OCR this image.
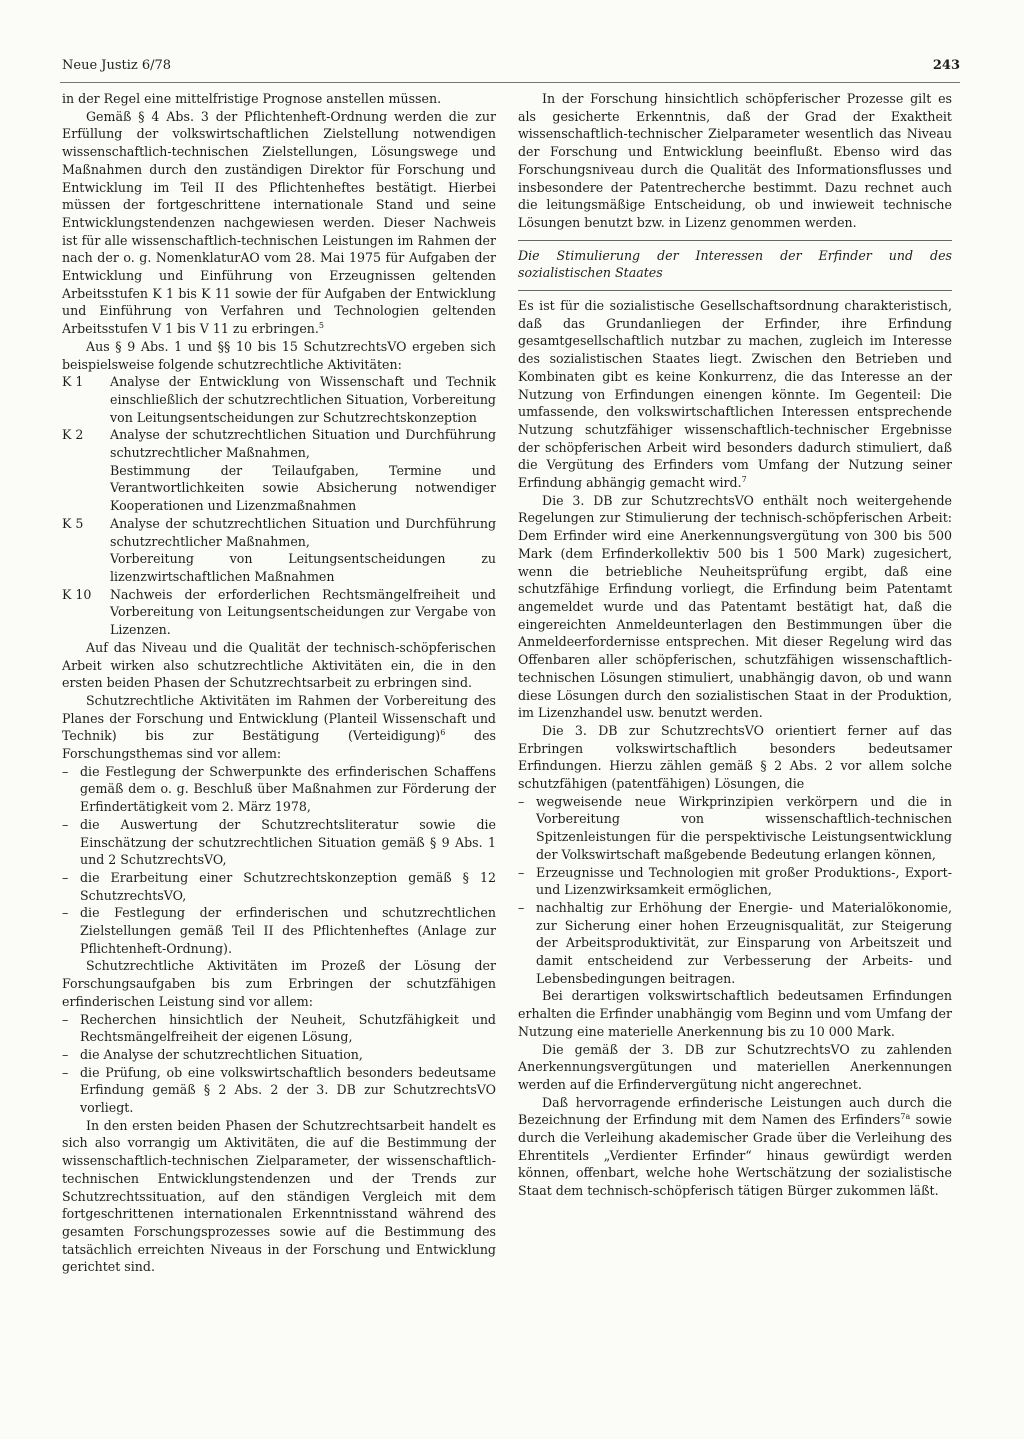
Neue Justiz 6/78	243

in der Regel eine mittelfristige Prognose anstellen müssen.

Gemäß § 4 Abs. 3 der Pflichtenheft-Ordnung werden die zur Erfüllung der volkswirtschaftlichen Zielstellung notwendigen wissenschaftlich-technischen Zielstellungen, Lösungswege und Maßnahmen durch den zuständigen Direktor für Forschung und Entwicklung im Teil II des Pflichtenheftes bestätigt. Hierbei müssen der fortgeschrittene internationale Stand und seine Entwicklungstendenzen nachgewiesen werden. Dieser Nachweis ist für alle wissenschaftlich-technischen Leistungen im Rahmen der nach der o. g. NomenklaturAO vom 28. Mai 1975 für Aufgaben der Entwicklung und Einführung von Erzeugnissen geltenden Arbeitsstufen K 1 bis K 11 sowie der für Aufgaben der Entwicklung und Einführung von Verfahren und Technologien geltenden Arbeitsstufen V 1 bis V 11 zu erbringen.$^5$

Aus § 9 Abs. 1 und §§ 10 bis 15 SchutzrechtsVO ergeben sich beispielsweise folgende schutzrechtliche Aktivitäten:

K 1	Analyse der Entwicklung von Wissenschaft und Technik einschließlich der schutzrechtlichen Situation, Vorbereitung von Leitungsentscheidungen zur Schutzrechtskonzeption
K 2	Analyse der schutzrechtlichen Situation und Durchführung schutzrechtlicher Maßnahmen,

Bestimmung der Teilaufgaben, Termine und Verantwortlichkeiten sowie Absicherung notwendiger Kooperationen und Lizenzmaßnahmen

K 5	Analyse der schutzrechtlichen Situation und Durchführung schutzrechtlicher Maßnahmen,

Vorbereitung von Leitungsentscheidungen zu lizenzwirtschaftlichen Maßnahmen

K 10	Nachweis der erforderlichen Rechtsmängelfreiheit und Vorbereitung von Leitungsentscheidungen zur Vergabe von Lizenzen.

Auf das Niveau und die Qualität der technisch-schöpferischen Arbeit wirken also schutzrechtliche Aktivitäten ein, die in den ersten beiden Phasen der Schutzrechtsarbeit zu erbringen sind.

Schutzrechtliche Aktivitäten im Rahmen der Vorbereitung des Planes der Forschung und Entwicklung (Planteil Wissenschaft und Technik) bis zur Bestätigung (Verteidigung)$^6$ des Forschungsthemas sind vor allem:

– die Festlegung der Schwerpunkte des erfinderischen Schaffens gemäß dem o. g. Beschluß über Maßnahmen zur Förderung der Erfindertätigkeit vom 2. März 1978,
– die Auswertung der Schutzrechtsliteratur sowie die Einschätzung der schutzrechtlichen Situation gemäß § 9 Abs. 1 und 2 SchutzrechtsVO,
– die Erarbeitung einer Schutzrechtskonzeption gemäß § 12 SchutzrechtsVO,
– die Festlegung der erfinderischen und schutzrechtlichen Zielstellungen gemäß Teil II des Pflichtenheftes (Anlage zur Pflichtenheft-Ordnung).

Schutzrechtliche Aktivitäten im Prozeß der Lösung der Forschungsaufgaben bis zum Erbringen der schutzfähigen erfinderischen Leistung sind vor allem:

– Recherchen hinsichtlich der Neuheit, Schutzfähigkeit und Rechtsmängelfreiheit der eigenen Lösung,
– die Analyse der schutzrechtlichen Situation,
– die Prüfung, ob eine volkswirtschaftlich besonders bedeutsame Erfindung gemäß § 2 Abs. 2 der 3. DB zur SchutzrechtsVO vorliegt.

In den ersten beiden Phasen der Schutzrechtsarbeit handelt es sich also vorrangig um Aktivitäten, die auf die Bestimmung der wissenschaftlich-technischen Zielparameter, der wissenschaftlich-technischen Entwicklungstendenzen und der Trends zur Schutzrechtssituation, auf den ständigen Vergleich mit dem fortgeschrittenen internationalen Erkenntnisstand während des gesamten Forschungsprozesses sowie auf die Bestimmung des tatsächlich erreichten Niveaus in der Forschung und Entwicklung gerichtet sind.

In der Forschung hinsichtlich schöpferischer Prozesse gilt es als gesicherte Erkenntnis, daß der Grad der Exaktheit wissenschaftlich-technischer Zielparameter wesentlich das Niveau der Forschung und Entwicklung beeinflußt. Ebenso wird das Forschungsniveau durch die Qualität des Informationsflusses und insbesondere der Patentrecherche bestimmt. Dazu rechnet auch die leitungsmäßige Entscheidung, ob und inwieweit technische Lösungen benutzt bzw. in Lizenz genommen werden.

Die Stimulierung der Interessen der Erfinder und des sozialistischen Staates

Es ist für die sozialistische Gesellschaftsordnung charakteristisch, daß das Grundanliegen der Erfinder, ihre Erfindung gesamtgesellschaftlich nutzbar zu machen, zugleich im Interesse des sozialistischen Staates liegt. Zwischen den Betrieben und Kombinaten gibt es keine Konkurrenz, die das Interesse an der Nutzung von Erfindungen einengen könnte. Im Gegenteil: Die umfassende, den volkswirtschaftlichen Interessen entsprechende Nutzung schutzfähiger wissenschaftlich-technischer Ergebnisse der schöpferischen Arbeit wird besonders dadurch stimuliert, daß die Vergütung des Erfinders vom Umfang der Nutzung seiner Erfindung abhängig gemacht wird.$^7$

Die 3. DB zur SchutzrechtsVO enthält noch weitergehende Regelungen zur Stimulierung der technisch-schöpferischen Arbeit: Dem Erfinder wird eine Anerkennungsvergütung von 300 bis 500 Mark (dem Erfinderkollektiv 500 bis 1 500 Mark) zugesichert, wenn die betriebliche Neuheitsprüfung ergibt, daß eine schutzfähige Erfindung vorliegt, die Erfindung beim Patentamt angemeldet wurde und das Patentamt bestätigt hat, daß die eingereichten Anmeldeunterlagen den Bestimmungen über die Anmeldeerfordernisse entsprechen. Mit dieser Regelung wird das Offenbaren aller schöpferischen, schutzfähigen wissenschaftlich-technischen Lösungen stimuliert, unabhängig davon, ob und wann diese Lösungen durch den sozialistischen Staat in der Produktion, im Lizenzhandel usw. benutzt werden.

Die 3. DB zur SchutzrechtsVO orientiert ferner auf das Erbringen volkswirtschaftlich besonders bedeutsamer Erfindungen. Hierzu zählen gemäß § 2 Abs. 2 vor allem solche schutzfähigen (patentfähigen) Lösungen, die

– wegweisende neue Wirkprinzipien verkörpern und die in Vorbereitung von wissenschaftlich-technischen Spitzenleistungen für die perspektivische Leistungsentwicklung der Volkswirtschaft maßgebende Bedeutung erlangen können,
– Erzeugnisse und Technologien mit großer Produktions-, Export- und Lizenzwirksamkeit ermöglichen,
– nachhaltig zur Erhöhung der Energie- und Materialökonomie, zur Sicherung einer hohen Erzeugnisqualität, zur Steigerung der Arbeitsproduktivität, zur Einsparung von Arbeitszeit und damit entscheidend zur Verbesserung der Arbeits- und Lebensbedingungen beitragen.

Bei derartigen volkswirtschaftlich bedeutsamen Erfindungen erhalten die Erfinder unabhängig vom Beginn und vom Umfang der Nutzung eine materielle Anerkennung bis zu 10 000 Mark.

Die gemäß der 3. DB zur SchutzrechtsVO zu zahlenden Anerkennungsvergütungen und materiellen Anerkennungen werden auf die Erfindervergütung nicht angerechnet.

Daß hervorragende erfinderische Leistungen auch durch die Bezeichnung der Erfindung mit dem Namen des Erfinders$^{7a}$ sowie durch die Verleihung akademischer Grade über die Verleihung des Ehrentitels „Verdienter Erfinder“ hinaus gewürdigt werden können, offenbart, welche hohe Wertschätzung der sozialistische Staat dem technisch-schöpferisch tätigen Bürger zukommen läßt.
